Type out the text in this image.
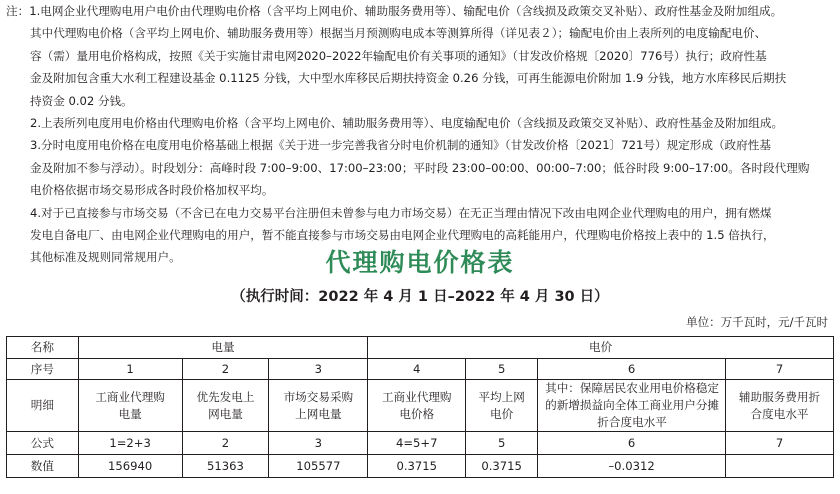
注：1.电网企业代理购电用户电价由代理购电价格（含平均上网电价、辅助服务费用等）、输配电价（含线损及政策交叉补贴）、政府性基金及附加组成。
其中代理购电价格（含平均上网电价、辅助服务费用等）根据当月预测购电成本等测算所得（详见表２）；输配电价由上表所列的电度输配电价、
容（需）量用电价格构成，按照《关于实施甘肃电网2020–2022年输配电价有关事项的通知》（甘发改价格规〔2020〕776号）执行；政府性基
金及附加包含重大水利工程建设基金 0.1125 分钱，大中型水库移民后期扶持资金 0.26 分钱，可再生能源电价附加 1.9 分钱，地方水库移民后期扶
持资金 0.02 分钱。
2.上表所列电度用电价格由代理购电价格（含平均上网电价、辅助服务费用等）、电度输配电价（含线损及政策交叉补贴）、政府性基金及附加组成。
3.分时电度用电价格在电度用电价格基础上根据《关于进一步完善我省分时电价机制的通知》（甘发改价格〔2021〕721号）规定形成（政府性基
金及附加不参与浮动）。时段划分：高峰时段 7:00–9:00、17:00–23:00；平时段 23:00–00:00、00:00–7:00；低谷时段 9:00–17:00。各时段代理购
电价格依据市场交易形成各时段价格加权平均。
4.对于已直接参与市场交易（不含已在电力交易平台注册但未曾参与电力市场交易）在无正当理由情况下改由电网企业代理购电的用户，拥有燃煤
发电自备电厂、由电网企业代理购电的用户，暂不能直接参与市场交易由电网企业代理购电的高耗能用户，代理购电价格按上表中的 1.5 倍执行，
其他标准及规则同常规用户。	代理购电价格表
（执行时间：2022 年 4 月 1 日–2022 年 4 月 30 日）
单位：万千瓦时，元/千瓦时
名称	电量			电价			
序号	1	2	3	4	5	6	7
明细	工商业代理购电量	优先发电上网电量	市场交易采购上网电量	工商业代理购电价格	平均上网电价	其中：保障居民农业用电价格稳定的新增损益向全体工商业用户分摊折合度电水平	辅助服务费用折合度电水平

公式	1=2+3	2	3	4=5+7	5	6	7
数值	156940	51363	105577	0.3715	0.3715	–0.0312	
